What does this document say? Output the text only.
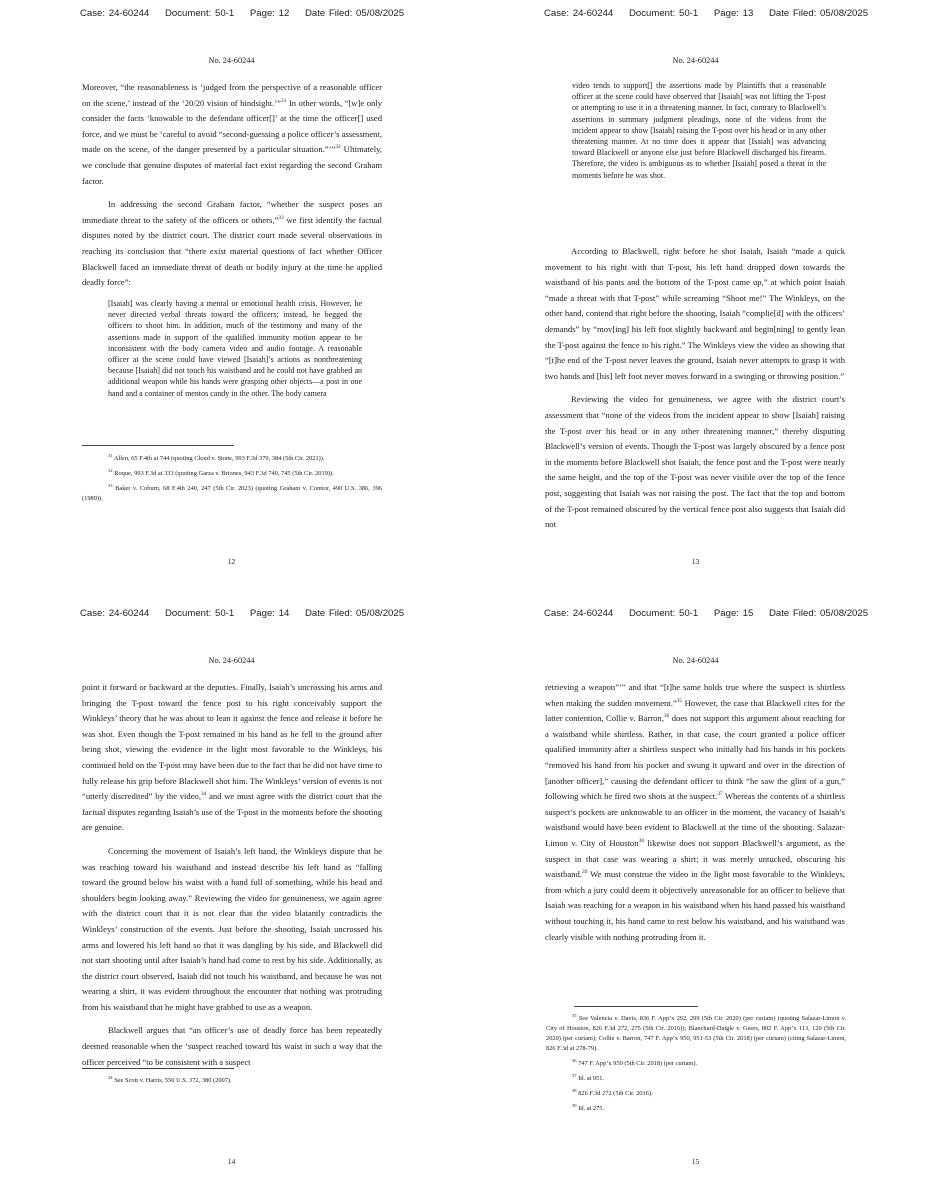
Case: 24-60244 Document: 50-1 Page: 12 Date Filed: 05/08/2025
No. 24-60244

Moreover, “the reasonableness is ‘judged from the perspective of a reasonable officer on the scene,’ instead of the ‘20/20 vision of hindsight.’”$^{31}$ In other words, “[w]e only consider the facts ‘knowable to the defendant officer[]’ at the time the officer[] used force, and we must be ‘careful to avoid “second-guessing a police officer’s assessment, made on the scene, of the danger presented by a particular situation.”’”$^{32}$ Ultimately, we conclude that genuine disputes of material fact exist regarding the second Graham factor.

In addressing the second Graham factor, “whether the suspect poses an immediate threat to the safety of the officers or others,”$^{33}$ we first identify the factual disputes noted by the district court. The district court made several observations in reaching its conclusion that “there exist material questions of fact whether Officer Blackwell faced an immediate threat of death or bodily injury at the time he applied deadly force”:

[Isaiah] was clearly having a mental or emotional health crisis. However, he never directed verbal threats toward the officers; instead, he begged the officers to shoot him. In addition, much of the testimony and many of the assertions made in support of the qualified immunity motion appear to be inconsistent with the body camera video and audio footage. A reasonable officer at the scene could have viewed [Isaiah]’s actions as nonthreatening because [Isaiah] did not touch his waistband and he could not have grabbed an additional weapon while his hands were grasping other objects—a post in one hand and a container of mentos candy in the other. The body camera

$^{31}$ Allen, 65 F.4th at 744 (quoting Cloud v. Stone, 993 F.3d 379, 384 (5th Cir. 2021)).

$^{32}$ Roque, 993 F.3d at 333 (quoting Garza v. Briones, 943 F.3d 740, 745 (5th Cir. 2019)).

$^{33}$ Baker v. Coburn, 68 F.4th 240, 247 (5th Cir. 2023) (quoting Graham v. Connor, 490 U.S. 386, 396 (1989)).

12
Case: 24-60244 Document: 50-1 Page: 13 Date Filed: 05/08/2025
No. 24-60244
video tends to support[] the assertions made by Plaintiffs that a reasonable officer at the scene could have observed that [Isaiah] was not lifting the T-post or attempting to use it in a threatening manner. In fact, contrary to Blackwell’s assertions in summary judgment pleadings, none of the videos from the incident appear to show [Isaiah] raising the T-post over his head or in any other threatening manner. At no time does it appear that [Isaiah] was advancing toward Blackwell or anyone else just before Blackwell discharged his firearm. Therefore, the video is ambiguous as to whether [Isaiah] posed a threat in the moments before he was shot.

According to Blackwell, right before he shot Isaiah, Isaiah “made a quick movement to his right with that T-post, his left hand dropped down towards the waistband of his pants and the bottom of the T-post came up,” at which point Isaiah “made a threat with that T-post” while screaming “Shoot me!” The Winkleys, on the other hand, contend that right before the shooting, Isaiah “complie[d] with the officers’ demands” by “mov[ing] his left foot slightly backward and begin[ning] to gently lean the T-post against the fence to his right.” The Winkleys view the video as showing that “[t]he end of the T-post never leaves the ground, Isaiah never attempts to grasp it with two hands and [his] left foot never moves forward in a swinging or throwing position.”

Reviewing the video for genuineness, we agree with the district court’s assessment that “none of the videos from the incident appear to show [Isaiah] raising the T-post over his head or in any other threatening manner,” thereby disputing Blackwell’s version of events. Though the T-post was largely obscured by a fence post in the moments before Blackwell shot Isaiah, the fence post and the T-post were nearly the same height, and the top of the T-post was never visible over the top of the fence post, suggesting that Isaiah was not raising the post. The fact that the top and bottom of the T-post remained obscured by the vertical fence post also suggests that Isaiah did not

13
Case: 24-60244 Document: 50-1 Page: 14 Date Filed: 05/08/2025
No. 24-60244

point it forward or backward at the deputies. Finally, Isaiah’s uncrossing his arms and bringing the T-post toward the fence post to his right conceivably support the Winkleys’ theory that he was about to lean it against the fence and release it before he was shot. Even though the T-post remained in his hand as he fell to the ground after being shot, viewing the evidence in the light most favorable to the Winkleys, his continued hold on the T-post may have been due to the fact that he did not have time to fully release his grip before Blackwell shot him. The Winkleys’ version of events is not “utterly discredited” by the video,$^{34}$ and we must agree with the district court that the factual disputes regarding Isaiah’s use of the T-post in the moments before the shooting are genuine.

Concerning the movement of Isaiah’s left hand, the Winkleys dispute that he was reaching toward his waistband and instead describe his left hand as “falling toward the ground below his waist with a hand full of something, while his head and shoulders begin looking away.” Reviewing the video for genuineness, we again agree with the district court that it is not clear that the video blatantly contradicts the Winkleys’ construction of the events. Just before the shooting, Isaiah uncrossed his arms and lowered his left hand so that it was dangling by his side, and Blackwell did not start shooting until after Isaiah’s hand had come to rest by his side. Additionally, as the district court observed, Isaiah did not touch his waistband, and because he was not wearing a shirt, it was evident throughout the encounter that nothing was protruding from his waistband that he might have grabbed to use as a weapon.

Blackwell argues that “an officer’s use of deadly force has been repeatedly deemed reasonable when the ‘suspect reached toward his waist in such a way that the officer perceived “to be consistent with a suspect

$^{34}$ See Scott v. Harris, 550 U.S. 372, 380 (2007).

14
Case: 24-60244 Document: 50-1 Page: 15 Date Filed: 05/08/2025
No. 24-60244

retrieving a weapon”’” and that “[t]he same holds true where the suspect is shirtless when making the sudden movement.”$^{35}$ However, the case that Blackwell cites for the latter contention, Collie v. Barron,$^{36}$ does not support this argument about reaching for a waistband while shirtless. Rather, in that case, the court granted a police officer qualified immunity after a shirtless suspect who initially had his hands in his pockets “removed his hand from his pocket and swung it upward and over in the direction of [another officer],” causing the defendant officer to think “he saw the glint of a gun,” following which he fired two shots at the suspect.$^{37}$ Whereas the contents of a shirtless suspect’s pockets are unknowable to an officer in the moment, the vacancy of Isaiah’s waistband would have been evident to Blackwell at the time of the shooting. Salazar-Limon v. City of Houston$^{38}$ likewise does not support Blackwell’s argument, as the suspect in that case was wearing a shirt; it was merely untucked, obscuring his waistband.$^{39}$ We must construe the video in the light most favorable to the Winkleys, from which a jury could deem it objectively unreasonable for an officer to believe that Isaiah was reaching for a weapon in his waistband when his hand passed his waistband without touching it, his hand came to rest below his waistband, and his waistband was clearly visible with nothing protruding from it.

$^{35}$ See Valencia v. Davis, 836 F. App’x 292, 299 (5th Cir. 2020) (per curiam) (quoting Salazar-Limon v. City of Houston, 826 F.3d 272, 275 (5th Cir. 2016)); Blanchard-Daigle v. Geers, 802 F. App’x 113, 120 (5th Cir. 2020) (per curiam); Collie v. Barron, 747 F. App’x 950, 951-53 (5th Cir. 2018) (per curiam) (citing Salazar-Limon, 826 F.3d at 278-79).

$^{36}$ 747 F. App’x 950 (5th Cir. 2018) (per curiam).

$^{37}$ Id. at 951.

$^{38}$ 826 F.3d 272 (5th Cir. 2016).

$^{39}$ Id. at 275.

15
